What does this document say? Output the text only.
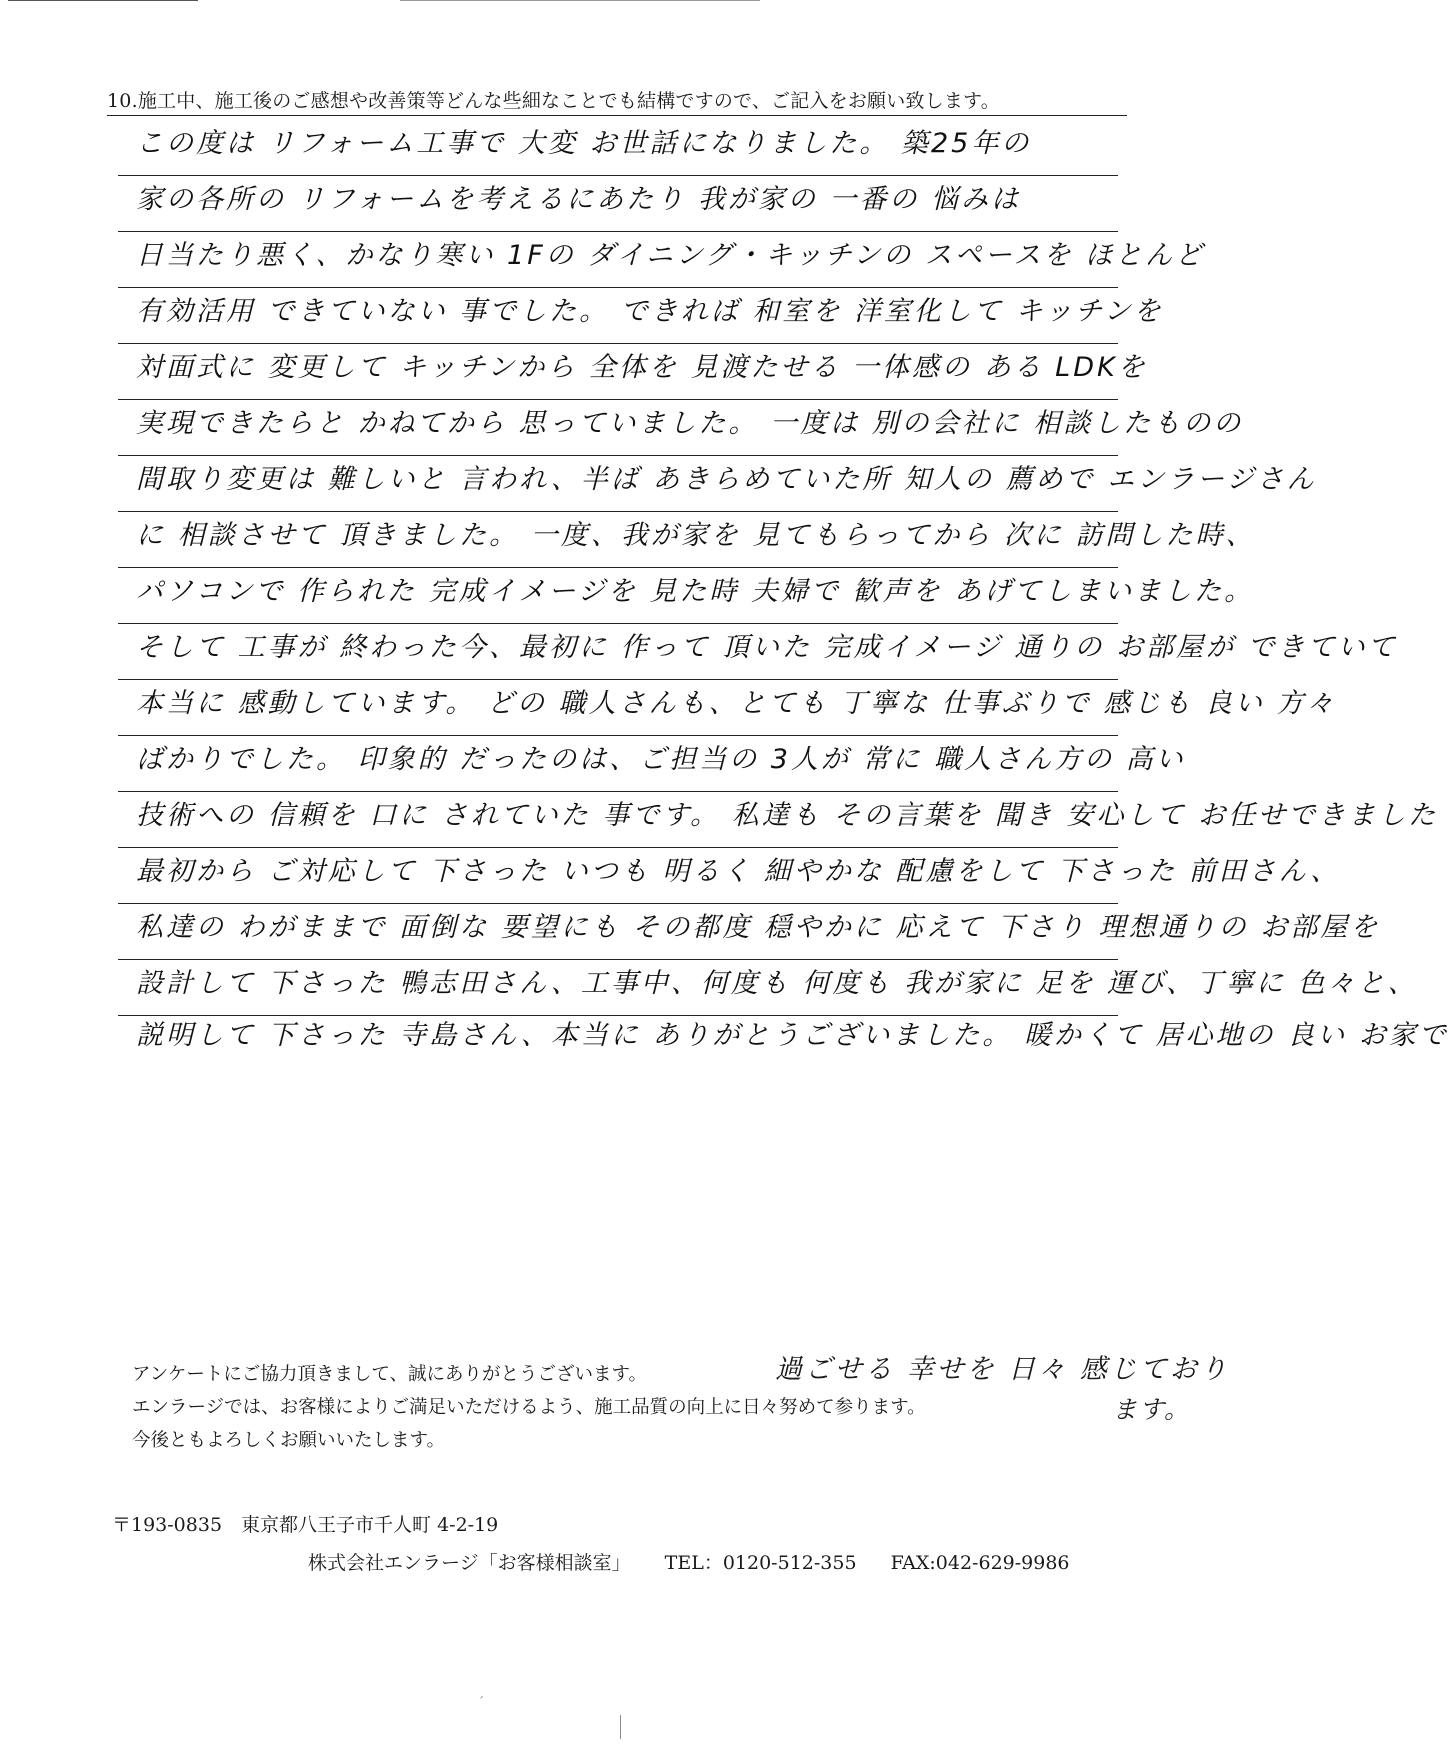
10.施工中、施工後のご感想や改善策等どんな些細なことでも結構ですので、ご記入をお願い致します。
この度は リフォーム工事で 大変 お世話になりました。 築25年の
家の各所の リフォームを考えるにあたり 我が家の 一番の 悩みは
日当たり悪く、かなり寒い 1Fの ダイニング・キッチンの スペースを ほとんど
有効活用 できていない 事でした。 できれば 和室を 洋室化して キッチンを
対面式に 変更して キッチンから 全体を 見渡たせる 一体感の ある LDKを
実現できたらと かねてから 思っていました。 一度は 別の会社に 相談したものの
間取り変更は 難しいと 言われ、半ば あきらめていた所 知人の 薦めで エンラージさん
に 相談させて 頂きました。 一度、我が家を 見てもらってから 次に 訪問した時、
パソコンで 作られた 完成イメージを 見た時 夫婦で 歓声を あげてしまいました。
そして 工事が 終わった今、最初に 作って 頂いた 完成イメージ 通りの お部屋が できていて
本当に 感動しています。 どの 職人さんも、とても 丁寧な 仕事ぶりで 感じも 良い 方々
ばかりでした。 印象的 だったのは、ご担当の 3人が 常に 職人さん方の 高い
技術への 信頼を 口に されていた 事です。 私達も その言葉を 聞き 安心して お任せできました
最初から ご対応して 下さった いつも 明るく 細やかな 配慮をして 下さった 前田さん、
私達の わがままで 面倒な 要望にも その都度 穏やかに 応えて 下さり 理想通りの お部屋を
設計して 下さった 鴨志田さん、工事中、何度も 何度も 我が家に 足を 運び、丁寧に 色々と、
説明して 下さった 寺島さん、本当に ありがとうございました。 暖かくて 居心地の 良い お家で
過ごせる 幸せを 日々 感じており
ます。
アンケートにご協力頂きまして、誠にありがとうございます。
エンラージでは、お客様によりご満足いただけるよう、施工品質の向上に日々努めて参ります。
今後ともよろしくお願いいたします。
〒193-0835　東京都八王子市千人町 4-2-19
株式会社エンラージ「お客様相談室」 TEL：0120-512-355 FAX:042-629-9986
´
